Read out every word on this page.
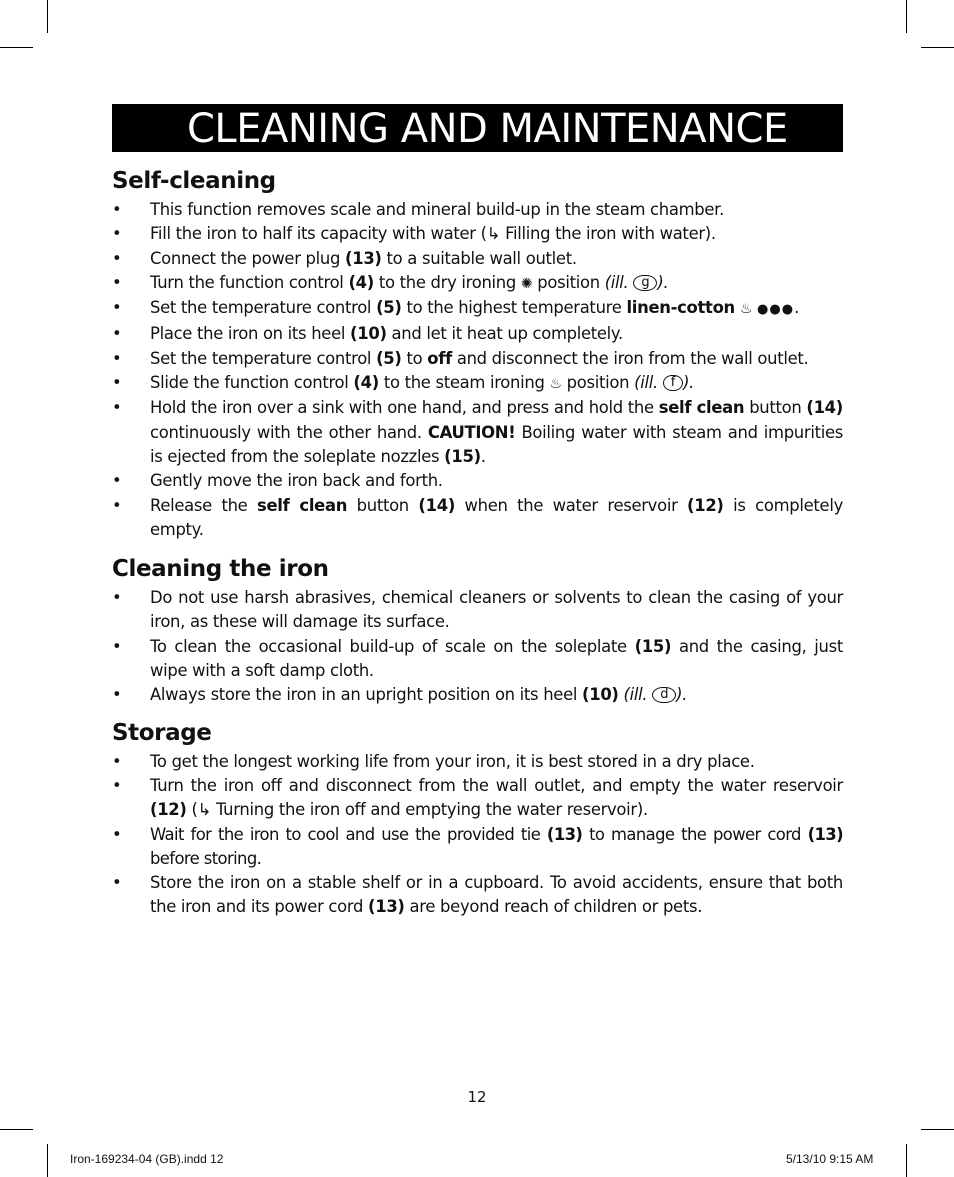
CLEANING AND MAINTENANCE
Self-cleaning
• This function removes scale and mineral build-up in the steam chamber.
• Fill the iron to half its capacity with water (↳ Filling the iron with water).
• Connect the power plug (13) to a suitable wall outlet.
• Turn the function control (4) to the dry ironing ✺ position (ill. g ).
• Set the temperature control (5) to the highest temperature linen-cotton ♨ ●●●.
• Place the iron on its heel (10) and let it heat up completely.
• Set the temperature control (5) to off and disconnect the iron from the wall outlet.
• Slide the function control (4) to the steam ironing ♨ position (ill. f ).
• Hold the iron over a sink with one hand, and press and hold the self clean button (14) continuously with the other hand. CAUTION! Boiling water with steam and impurities is ejected from the soleplate nozzles (15).
• Gently move the iron back and forth.
• Release the self clean button (14) when the water reservoir (12) is completely empty.
Cleaning the iron
• Do not use harsh abrasives, chemical cleaners or solvents to clean the casing of your iron, as these will damage its surface.
• To clean the occasional build-up of scale on the soleplate (15) and the casing, just wipe with a soft damp cloth.
• Always store the iron in an upright position on its heel (10) (ill. d ).
Storage
• To get the longest working life from your iron, it is best stored in a dry place.
• Turn the iron off and disconnect from the wall outlet, and empty the water reservoir (12) (↳ Turning the iron off and emptying the water reservoir).
• Wait for the iron to cool and use the provided tie (13) to manage the power cord (13) before storing.
• Store the iron on a stable shelf or in a cupboard. To avoid accidents, ensure that both the iron and its power cord (13) are beyond reach of children or pets.
12
Iron-169234-04 (GB).indd 12	5/13/10 9:15 AM
